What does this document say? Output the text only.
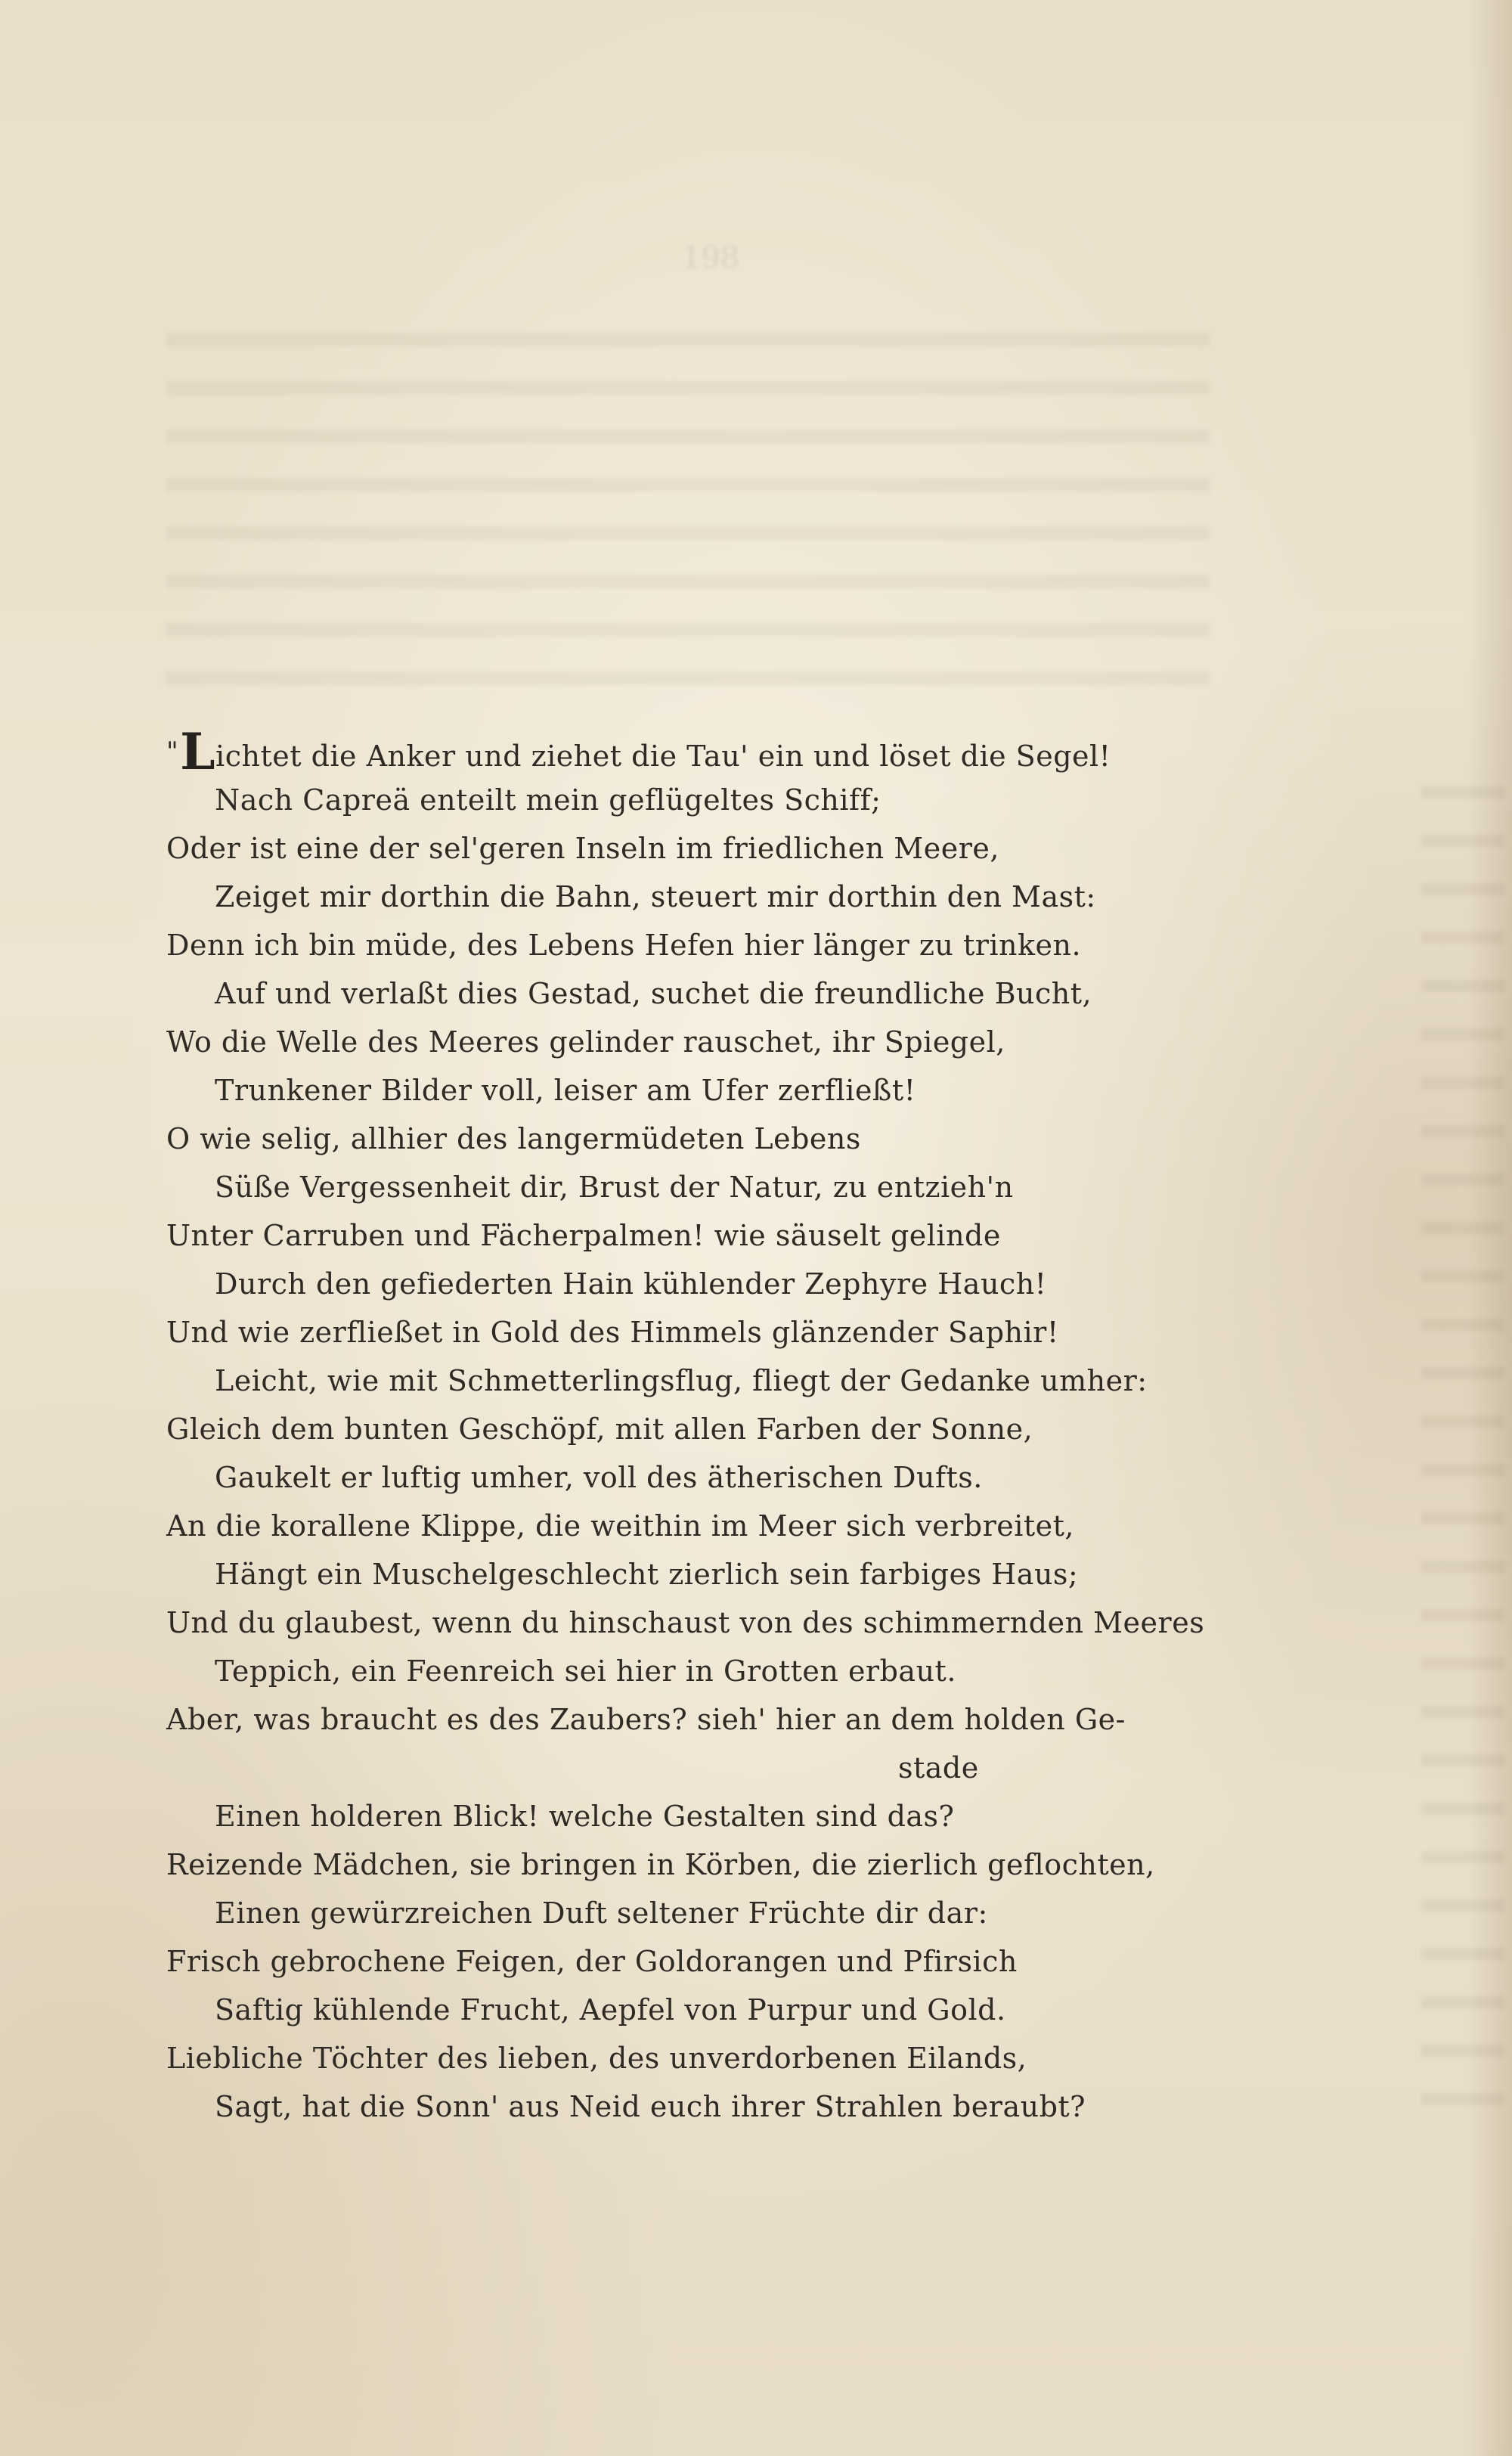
198
"Lichtet die Anker und ziehet die Tau' ein und löset die Segel!
Nach Capreä enteilt mein geflügeltes Schiff;
Oder ist eine der sel'geren Inseln im friedlichen Meere,
Zeiget mir dorthin die Bahn, steuert mir dorthin den Mast:
Denn ich bin müde, des Lebens Hefen hier länger zu trinken.
Auf und verlaßt dies Gestad, suchet die freundliche Bucht,
Wo die Welle des Meeres gelinder rauschet, ihr Spiegel,
Trunkener Bilder voll, leiser am Ufer zerfließt!
O wie selig, allhier des langermüdeten Lebens
Süße Vergessenheit dir, Brust der Natur, zu entzieh'n
Unter Carruben und Fächerpalmen! wie säuselt gelinde
Durch den gefiederten Hain kühlender Zephyre Hauch!
Und wie zerfließet in Gold des Himmels glänzender Saphir!
Leicht, wie mit Schmetterlingsflug, fliegt der Gedanke umher:
Gleich dem bunten Geschöpf, mit allen Farben der Sonne,
Gaukelt er luftig umher, voll des ätherischen Dufts.
An die korallene Klippe, die weithin im Meer sich verbreitet,
Hängt ein Muschelgeschlecht zierlich sein farbiges Haus;
Und du glaubest, wenn du hinschaust von des schimmernden Meeres
Teppich, ein Feenreich sei hier in Grotten erbaut.
Aber, was braucht es des Zaubers? sieh' hier an dem holden Ge-
stade
Einen holderen Blick! welche Gestalten sind das?
Reizende Mädchen, sie bringen in Körben, die zierlich geflochten,
Einen gewürzreichen Duft seltener Früchte dir dar:
Frisch gebrochene Feigen, der Goldorangen und Pfirsich
Saftig kühlende Frucht, Aepfel von Purpur und Gold.
Liebliche Töchter des lieben, des unverdorbenen Eilands,
Sagt, hat die Sonn' aus Neid euch ihrer Strahlen beraubt?
